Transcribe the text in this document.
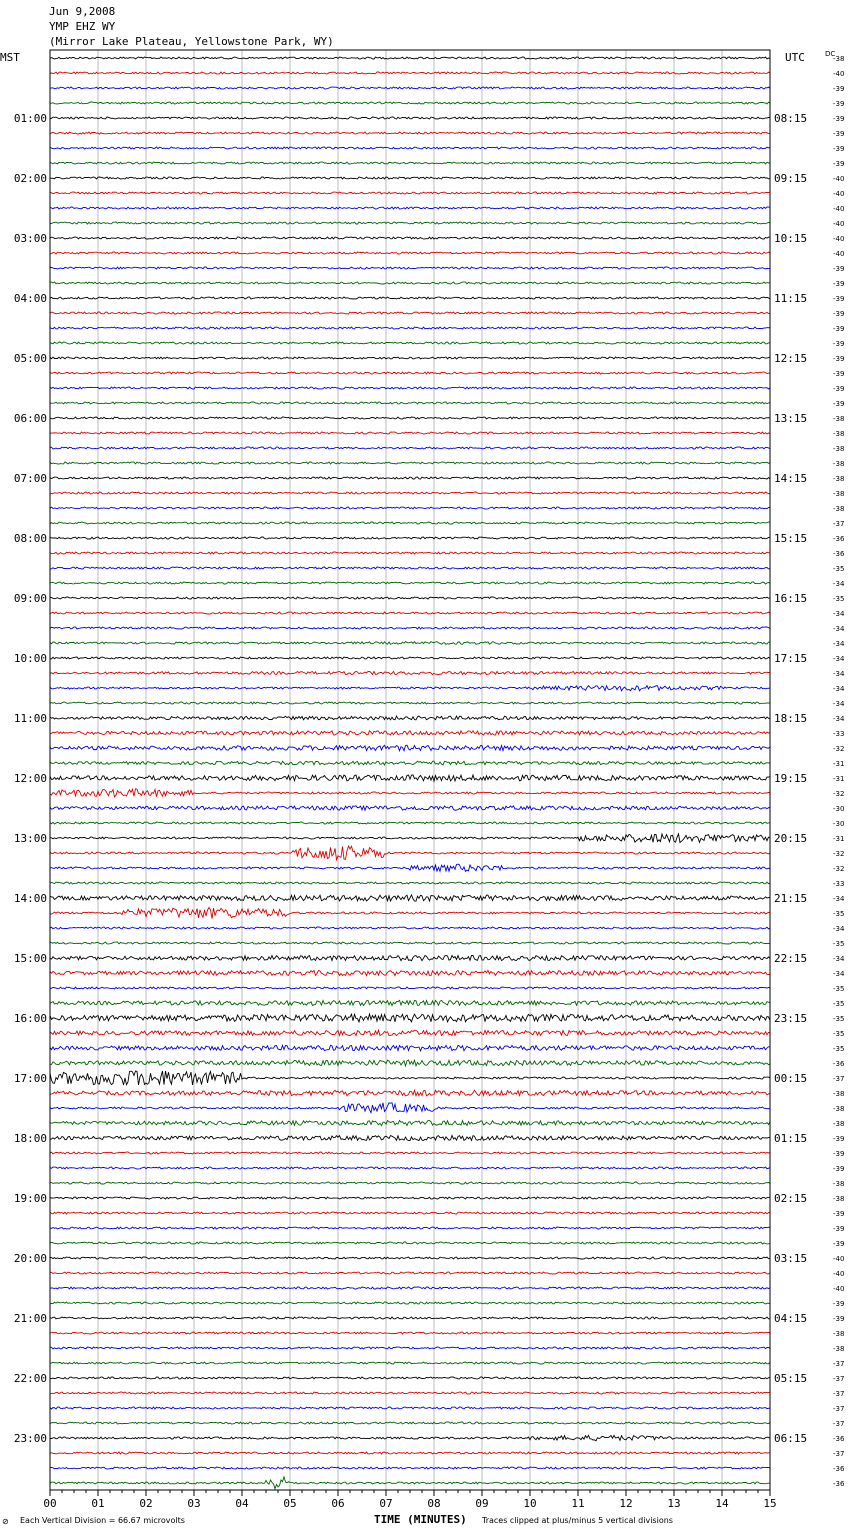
Jun 9,2008
YMP EHZ WY
(Mirror Lake Plateau, Yellowstone Park, WY)
MST	UTC	DC
00	01	02	03	04	05	06	07	08	09	10	11	12	13	14	15
01:00
02:00
03:00
04:00
05:00
06:00
07:00
08:00
09:00
10:00
11:00
12:00
13:00
14:00
15:00
16:00
17:00
18:00
19:00
20:00
21:00
22:00
23:00
08:15
09:15
10:15
11:15
12:15
13:15
14:15
15:15
16:15
17:15
18:15
19:15
20:15
21:15
22:15
23:15
00:15
01:15
02:15
03:15
04:15
05:15
06:15
-38
-40
-39
-39
-39
-39
-39
-39
-40
-40
-40
-40
-40
-40
-39
-39
-39
-39
-39
-39
-39
-39
-39
-39
-38
-38
-38
-38
-38
-38
-38
-37
-36
-36
-35
-34
-35
-34
-34
-34
-34
-34
-34
-34
-34
-33
-32
-31
-31
-32
-30
-30
-31
-32
-32
-33
-34
-35
-34
-35
-34
-34
-35
-35
-35
-35
-35
-36
-37
-38
-38
-38
-39
-39
-39
-38
-38
-39
-39
-39
-40
-40
-40
-39
-39
-38
-38
-37
-37
-37
-37
-37
-36
-37
-36
-36
⊘ Each Vertical Division = 66.67 microvolts	TIME (MINUTES) Traces clipped at plus/minus 5 vertical divisions
